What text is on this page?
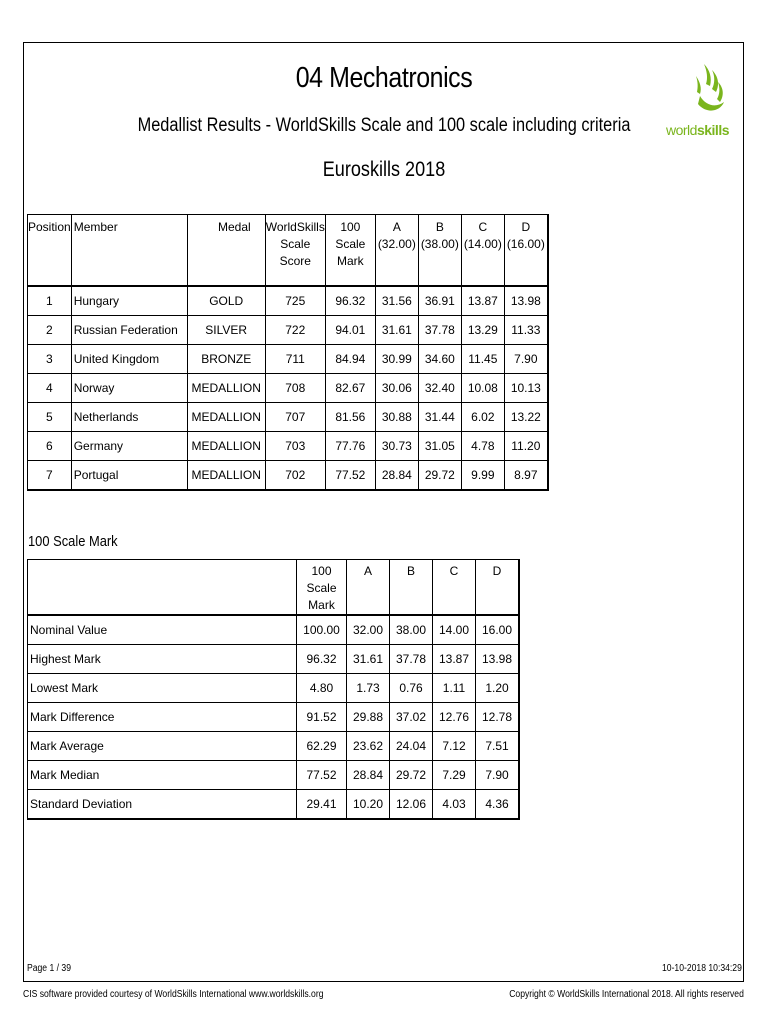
04 Mechatronics
Medallist Results - WorldSkills Scale and 100 scale including criteria
Euroskills 2018
worldskills
Position	Member	Medal	WorldSkills Scale Score	100 Scale Mark	A (32.00)	B (38.00)	C (14.00)	D (16.00)
1	Hungary	GOLD	725	96.32	31.56	36.91	13.87	13.98
2	Russian Federation	SILVER	722	94.01	31.61	37.78	13.29	11.33
3	United Kingdom	BRONZE	711	84.94	30.99	34.60	11.45	7.90
4	Norway	MEDALLION	708	82.67	30.06	32.40	10.08	10.13
5	Netherlands	MEDALLION	707	81.56	30.88	31.44	6.02	13.22
6	Germany	MEDALLION	703	77.76	30.73	31.05	4.78	11.20
7	Portugal	MEDALLION	702	77.52	28.84	29.72	9.99	8.97
100 Scale Mark
	100 Scale Mark	A	B	C	D
Nominal Value	100.00	32.00	38.00	14.00	16.00
Highest Mark	96.32	31.61	37.78	13.87	13.98
Lowest Mark	4.80	1.73	0.76	1.11	1.20
Mark Difference	91.52	29.88	37.02	12.76	12.78
Mark Average	62.29	23.62	24.04	7.12	7.51
Mark Median	77.52	28.84	29.72	7.29	7.90
Standard Deviation	29.41	10.20	12.06	4.03	4.36
Page 1 / 39	10-10-2018 10:34:29
CIS software provided courtesy of WorldSkills International www.worldskills.org	Copyright © WorldSkills International 2018. All rights reserved
